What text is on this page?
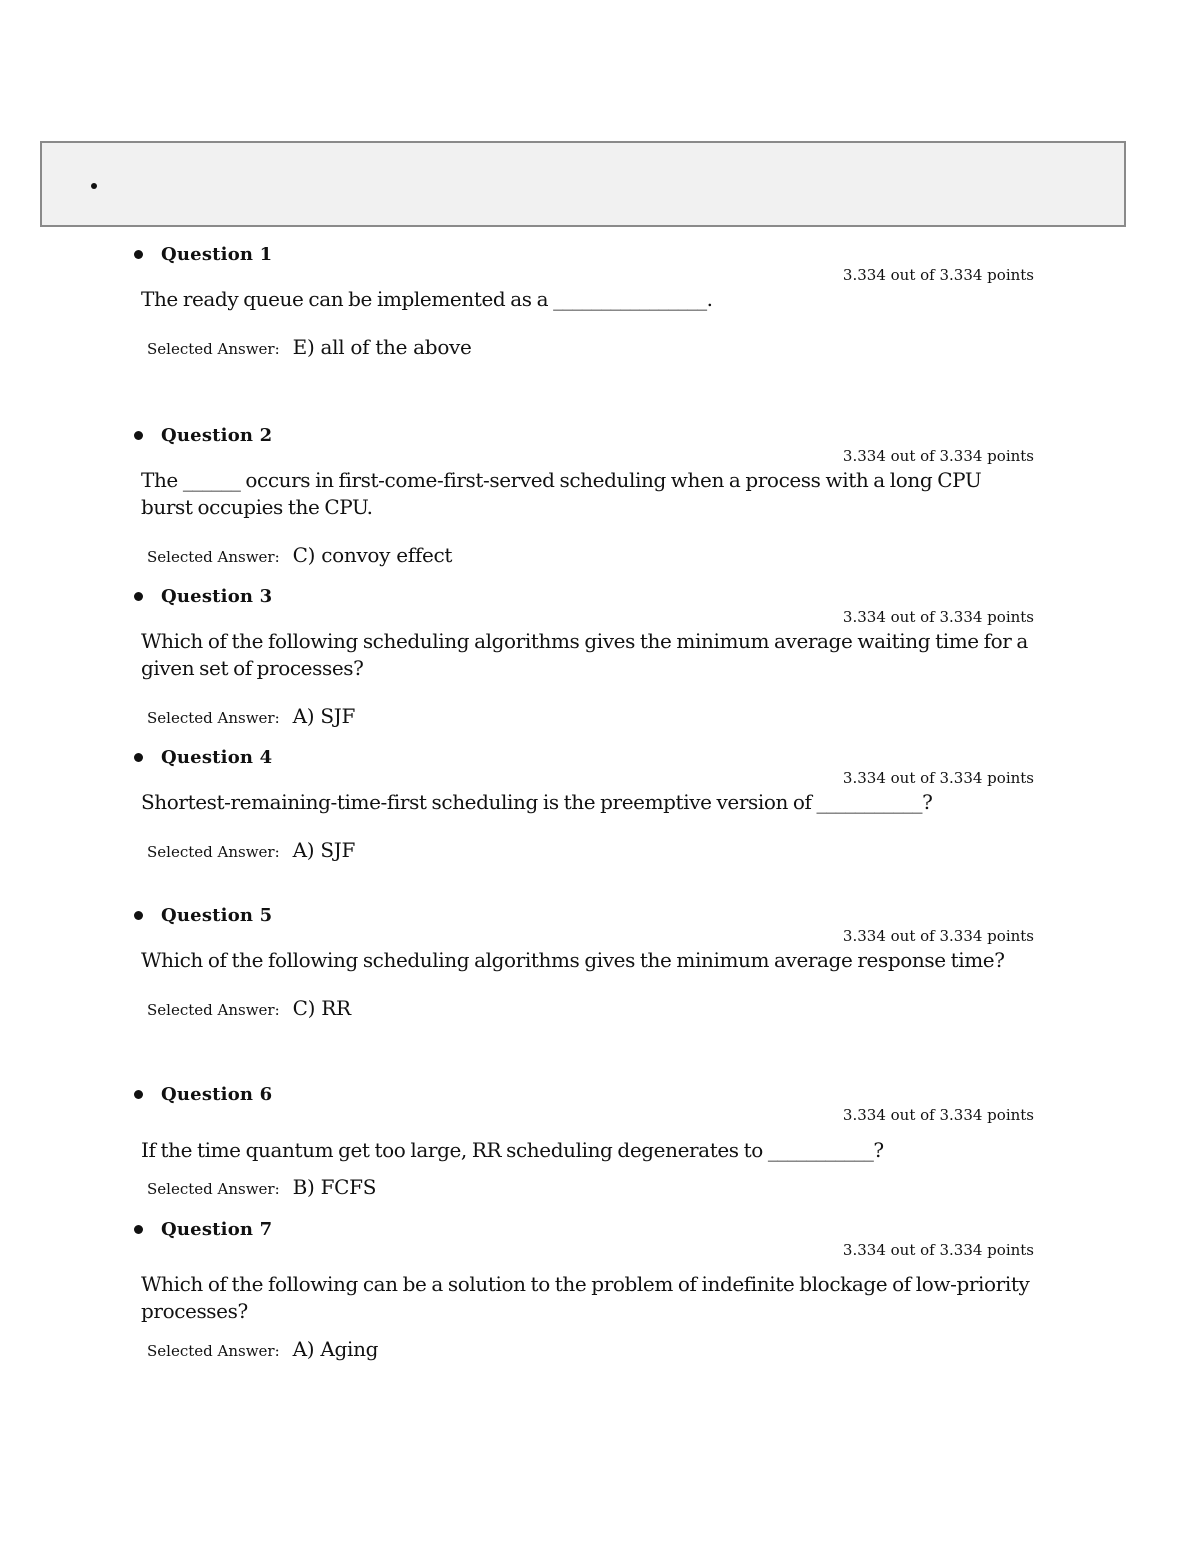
Question 1
3.334 out of 3.334 points
The ready queue can be implemented as a ________________.
Selected Answer: E) all of the above
Question 2
3.334 out of 3.334 points
The ______ occurs in first-come-first-served scheduling when a process with a long CPU burst occupies the CPU.
Selected Answer: C) convoy effect
Question 3
3.334 out of 3.334 points
Which of the following scheduling algorithms gives the minimum average waiting time for a given set of processes?
Selected Answer: A) SJF
Question 4
3.334 out of 3.334 points
Shortest-remaining-time-first scheduling is the preemptive version of ___________?
Selected Answer: A) SJF
Question 5
3.334 out of 3.334 points
Which of the following scheduling algorithms gives the minimum average response time?
Selected Answer: C) RR
Question 6
3.334 out of 3.334 points
If the time quantum get too large, RR scheduling degenerates to ___________?
Selected Answer: B) FCFS
Question 7
3.334 out of 3.334 points
Which of the following can be a solution to the problem of indefinite blockage of low-priority processes?
Selected Answer: A) Aging
